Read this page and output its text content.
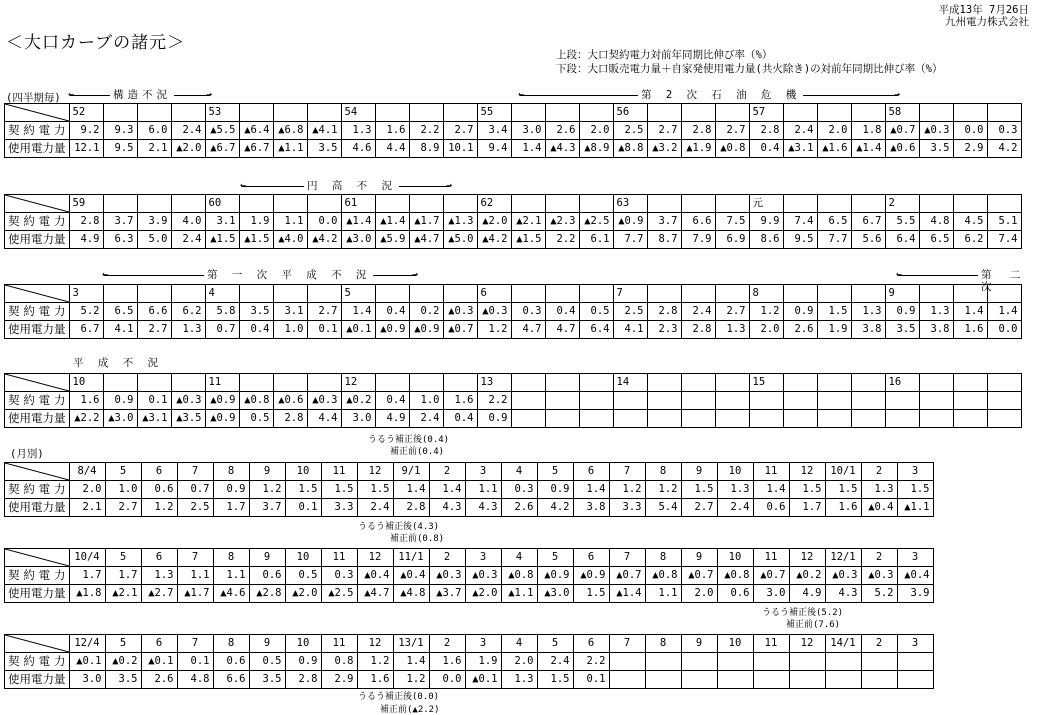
平成13年 7月26日
九州電力株式会社
＜大口カーブの諸元＞
上段：大口契約電力対前年同期比伸び率（%）
下段：大口販売電力量＋自家発使用電力量(共火除き)の対前年同期比伸び率（%）
(四半期毎)
(月別)
←	→
構造不況	←	→
第 2 次 石 油 危 機
←	→
円 高 不 況
←	→
第 一 次 平 成 不 況	←	第 二 次
平 成 不 況
	52				53				54				55				56				57				58			
契約電力	9.2	9.3	6.0	2.4	▲5.5	▲6.4	▲6.8	▲4.1	1.3	1.6	2.2	2.7	3.4	3.0	2.6	2.0	2.5	2.7	2.8	2.7	2.8	2.4	2.0	1.8	▲0.7	▲0.3	0.0	0.3
使用電力量	12.1	9.5	2.1	▲2.0	▲6.7	▲6.7	▲1.1	3.5	4.6	4.4	8.9	10.1	9.4	1.4	▲4.3	▲8.9	▲8.8	▲3.2	▲1.9	▲0.8	0.4	▲3.1	▲1.6	▲1.4	▲0.6	3.5	2.9	4.2
	59				60				61				62				63				元				2			
契約電力	2.8	3.7	3.9	4.0	3.1	1.9	1.1	0.0	▲1.4	▲1.4	▲1.7	▲1.3	▲2.0	▲2.1	▲2.3	▲2.5	▲0.9	3.7	6.6	7.5	9.9	7.4	6.5	6.7	5.5	4.8	4.5	5.1
使用電力量	4.9	6.3	5.0	2.4	▲1.5	▲1.5	▲4.0	▲4.2	▲3.0	▲5.9	▲4.7	▲5.0	▲4.2	▲1.5	2.2	6.1	7.7	8.7	7.9	6.9	8.6	9.5	7.7	5.6	6.4	6.5	6.2	7.4
	3				4				5				6				7				8				9			
契約電力	5.2	6.5	6.6	6.2	5.8	3.5	3.1	2.7	1.4	0.4	0.2	▲0.3	▲0.3	0.3	0.4	0.5	2.5	2.8	2.4	2.7	1.2	0.9	1.5	1.3	0.9	1.3	1.4	1.4
使用電力量	6.7	4.1	2.7	1.3	0.7	0.4	1.0	0.1	▲0.1	▲0.9	▲0.9	▲0.7	1.2	4.7	4.7	6.4	4.1	2.3	2.8	1.3	2.0	2.6	1.9	3.8	3.5	3.8	1.6	0.0
	10				11				12				13				14				15				16			
契約電力	1.6	0.9	0.1	▲0.3	▲0.9	▲0.8	▲0.6	▲0.3	▲0.2	0.4	1.0	1.6	2.2															
使用電力量	▲2.2	▲3.0	▲3.1	▲3.5	▲0.9	0.5	2.8	4.4	3.0	4.9	2.4	0.4	0.9															
うるう補正後(0.4)
補正前(0.4)
	8/4	5	6	7	8	9	10	11	12	9/1	2	3	4	5	6	7	8	9	10	11	12	10/1	2	3
契約電力	2.0	1.0	0.6	0.7	0.9	1.2	1.5	1.5	1.5	1.4	1.4	1.1	0.3	0.9	1.4	1.2	1.2	1.5	1.3	1.4	1.5	1.5	1.3	1.5
使用電力量	2.1	2.7	1.2	2.5	1.7	3.7	0.1	3.3	2.4	2.8	4.3	4.3	2.6	4.2	3.8	3.3	5.4	2.7	2.4	0.6	1.7	1.6	▲0.4	▲1.1
うるう補正後(4.3)
補正前(0.8)
	10/4	5	6	7	8	9	10	11	12	11/1	2	3	4	5	6	7	8	9	10	11	12	12/1	2	3
契約電力	1.7	1.7	1.3	1.1	1.1	0.6	0.5	0.3	▲0.4	▲0.4	▲0.3	▲0.3	▲0.8	▲0.9	▲0.9	▲0.7	▲0.8	▲0.7	▲0.8	▲0.7	▲0.2	▲0.3	▲0.3	▲0.4
使用電力量	▲1.8	▲2.1	▲2.7	▲1.7	▲4.6	▲2.8	▲2.0	▲2.5	▲4.7	▲4.8	▲3.7	▲2.0	▲1.1	▲3.0	1.5	▲1.4	1.1	2.0	0.6	3.0	4.9	4.3	5.2	3.9
うるう補正後(5.2)
補正前(7.6)
	12/4	5	6	7	8	9	10	11	12	13/1	2	3	4	5	6	7	8	9	10	11	12	14/1	2	3
契約電力	▲0.1	▲0.2	▲0.1	0.1	0.6	0.5	0.9	0.8	1.2	1.4	1.6	1.9	2.0	2.4	2.2									
使用電力量	3.0	3.5	2.6	4.8	6.6	3.5	2.8	2.9	1.6	1.2	0.0	▲0.1	1.3	1.5	0.1									
うるう補正後(0.0)
補正前(▲2.2)
